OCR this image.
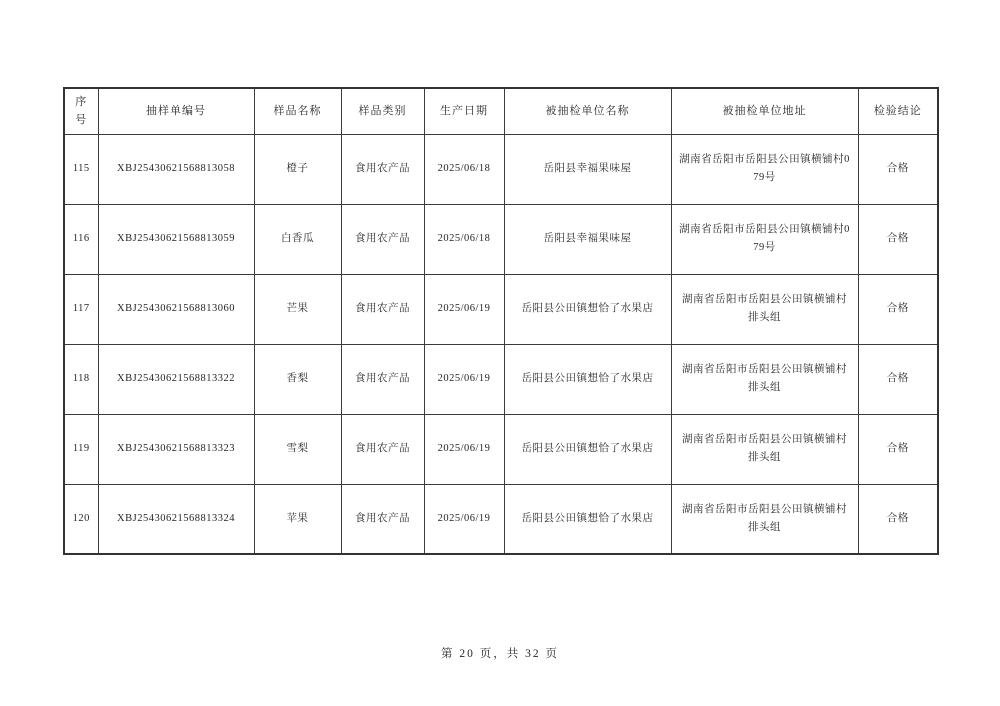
序号	抽样单编号	样品名称	样品类别	生产日期	被抽检单位名称	被抽检单位地址	检验结论
115	XBJ25430621568813058	橙子	食用农产品	2025/06/18	岳阳县幸福果味屋	湖南省岳阳市岳阳县公田镇横铺村079号	合格
116	XBJ25430621568813059	白香瓜	食用农产品	2025/06/18	岳阳县幸福果味屋	湖南省岳阳市岳阳县公田镇横铺村079号	合格
117	XBJ25430621568813060	芒果	食用农产品	2025/06/19	岳阳县公田镇想恰了水果店	湖南省岳阳市岳阳县公田镇横铺村排头组	合格
118	XBJ25430621568813322	香梨	食用农产品	2025/06/19	岳阳县公田镇想恰了水果店	湖南省岳阳市岳阳县公田镇横铺村排头组	合格
119	XBJ25430621568813323	雪梨	食用农产品	2025/06/19	岳阳县公田镇想恰了水果店	湖南省岳阳市岳阳县公田镇横铺村排头组	合格
120	XBJ25430621568813324	苹果	食用农产品	2025/06/19	岳阳县公田镇想恰了水果店	湖南省岳阳市岳阳县公田镇横铺村排头组	合格
第 20 页，共 32 页
